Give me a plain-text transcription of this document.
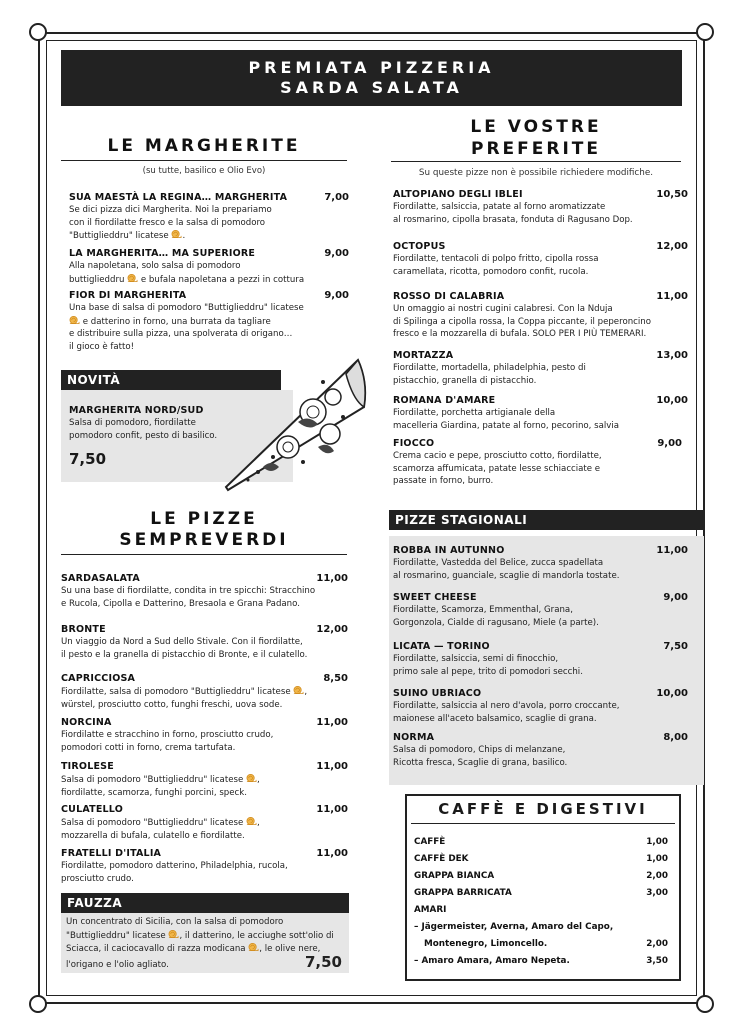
PREMIATA PIZZERIA
SARDA SALATA
LE MARGHERITE
(su tutte, basilico e Olio Evo)
SUA MAESTÀ LA REGINA… MARGHERITA	7,00
Se dici pizza dici Margherita. Noi la prepariamo
con il fiordilatte fresco e la salsa di pomodoro
"Buttiglieddru" licatese .
LA MARGHERITA… MA SUPERIORE	9,00
Alla napoletana, solo salsa di pomodoro
buttiglieddru e bufala napoletana a pezzi in cottura
FIOR DI MARGHERITA	9,00
Una base di salsa di pomodoro "Buttiglieddru" licatese
e datterino in forno, una burrata da tagliare
e distribuire sulla pizza, una spolverata di origano…
il gioco è fatto!
NOVITÀ
MARGHERITA NORD/SUD
Salsa di pomodoro, fiordilatte
pomodoro confit, pesto di basilico.
7,50
LE PIZZE
SEMPREVERDI
SARDASALATA	11,00
Su una base di fiordilatte, condita in tre spicchi: Stracchino
e Rucola, Cipolla e Datterino, Bresaola e Grana Padano.
BRONTE	12,00
Un viaggio da Nord a Sud dello Stivale. Con il fiordilatte,
il pesto e la granella di pistacchio di Bronte, e il culatello.
CAPRICCIOSA	8,50
Fiordilatte, salsa di pomodoro "Buttiglieddru" licatese ,
würstel, prosciutto cotto, funghi freschi, uova sode.
NORCINA	11,00
Fiordilatte e stracchino in forno, prosciutto crudo,
pomodori cotti in forno, crema tartufata.
TIROLESE	11,00
Salsa di pomodoro "Buttiglieddru" licatese ,
fiordilatte, scamorza, funghi porcini, speck.
CULATELLO	11,00
Salsa di pomodoro "Buttiglieddru" licatese ,
mozzarella di bufala, culatello e fiordilatte.
FRATELLI D'ITALIA	11,00
Fiordilatte, pomodoro datterino, Philadelphia, rucola,
prosciutto crudo.
FAUZZA
Un concentrato di Sicilia, con la salsa di pomodoro
"Buttiglieddru" licatese , il datterino, le acciughe sott'olio di
Sciacca, il caciocavallo di razza modicana , le olive nere,
l'origano e l'olio agliato.	7,50
LE VOSTRE
PREFERITE
Su queste pizze non è possibile richiedere modifiche.
ALTOPIANO DEGLI IBLEI	10,50
Fiordilatte, salsiccia, patate al forno aromatizzate
al rosmarino, cipolla brasata, fonduta di Ragusano Dop.
OCTOPUS	12,00
Fiordilatte, tentacoli di polpo fritto, cipolla rossa
caramellata, ricotta, pomodoro confit, rucola.
ROSSO DI CALABRIA	11,00
Un omaggio ai nostri cugini calabresi. Con la Nduja
di Spilinga a cipolla rossa, la Coppa piccante, il peperoncino
fresco e la mozzarella di bufala. SOLO PER I PIÙ TEMERARI.
MORTAZZA	13,00
Fiordilatte, mortadella, philadelphia, pesto di
pistacchio, granella di pistacchio.
ROMANA D'AMARE	10,00
Fiordilatte, porchetta artigianale della
macelleria Giardina, patate al forno, pecorino, salvia
FIOCCO	9,00
Crema cacio e pepe, prosciutto cotto, fiordilatte,
scamorza affumicata, patate lesse schiacciate e
passate in forno, burro.
PIZZE STAGIONALI
ROBBA IN AUTUNNO	11,00
Fiordilatte, Vastedda del Belice, zucca spadellata
al rosmarino, guanciale, scaglie di mandorla tostate.
SWEET CHEESE	9,00
Fiordilatte, Scamorza, Emmenthal, Grana,
Gorgonzola, Cialde di ragusano, Miele (a parte).
LICATA — TORINO	7,50
Fiordilatte, salsiccia, semi di finocchio,
primo sale al pepe, trito di pomodori secchi.
SUINO UBRIACO	10,00
Fiordilatte, salsiccia al nero d'avola, porro croccante,
maionese all'aceto balsamico, scaglie di grana.
NORMA	8,00
Salsa di pomodoro, Chips di melanzane,
Ricotta fresca, Scaglie di grana, basilico.
CAFFÈ E DIGESTIVI
CAFFÈ	1,00
CAFFÈ DEK	1,00
GRAPPA BIANCA	2,00
GRAPPA BARRICATA	3,00
AMARI
– Jägermeister, Averna, Amaro del Capo,
Montenegro, Limoncello.	2,00
– Amaro Amara, Amaro Nepeta.	3,50
